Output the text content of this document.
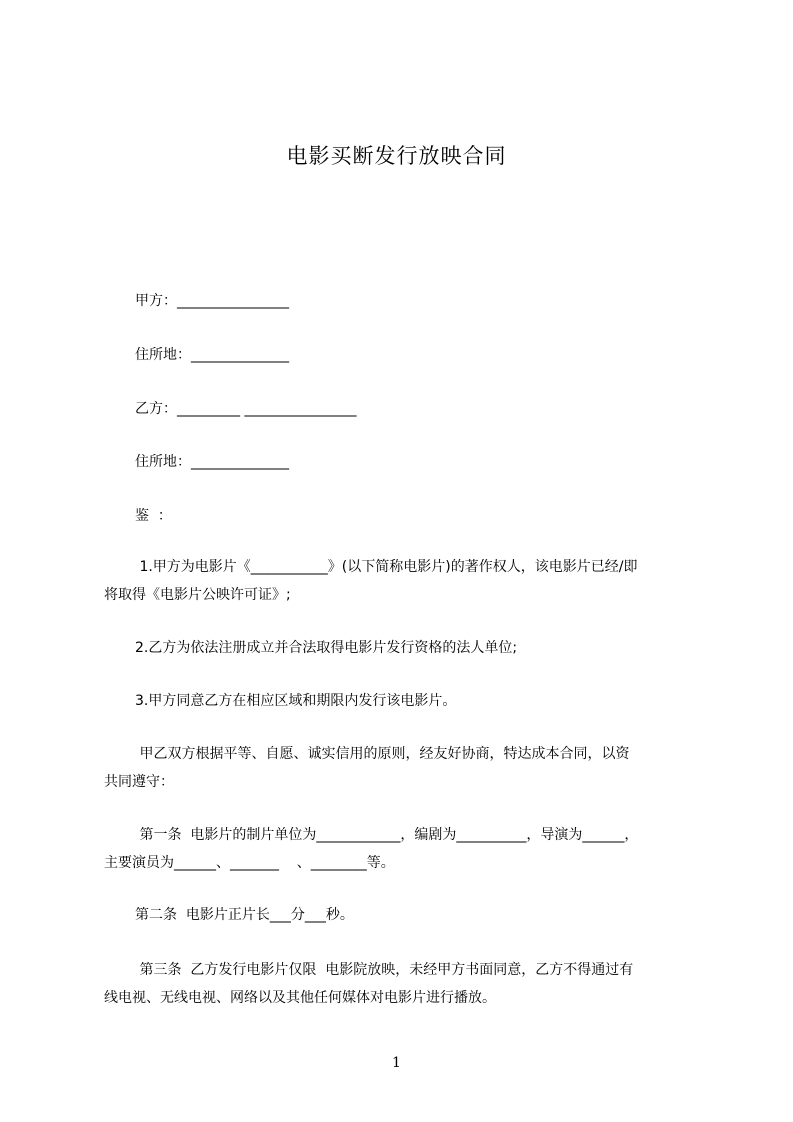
电影买断发行放映合同
甲方：________________
住所地：______________
乙方：_________ ________________
住所地：______________
鉴  ：
1.甲方为电影片《___________》(以下简称电影片)的著作权人，该电影片已经/即
将取得《电影片公映许可证》;
2.乙方为依法注册成立并合法取得电影片发行资格的法人单位;
3.甲方同意乙方在相应区域和期限内发行该电影片。
甲乙双方根据平等、自愿、诚实信用的原则，经友好协商，特达成本合同，以资
共同遵守：
第一条  电影片的制片单位为____________，编剧为__________，导演为______，
主要演员为______、_______    、________等。
第二条  电影片正片长___分___秒。
第三条  乙方发行电影片仅限  电影院放映，未经甲方书面同意，乙方不得通过有
线电视、无线电视、网络以及其他任何媒体对电影片进行播放。
1
